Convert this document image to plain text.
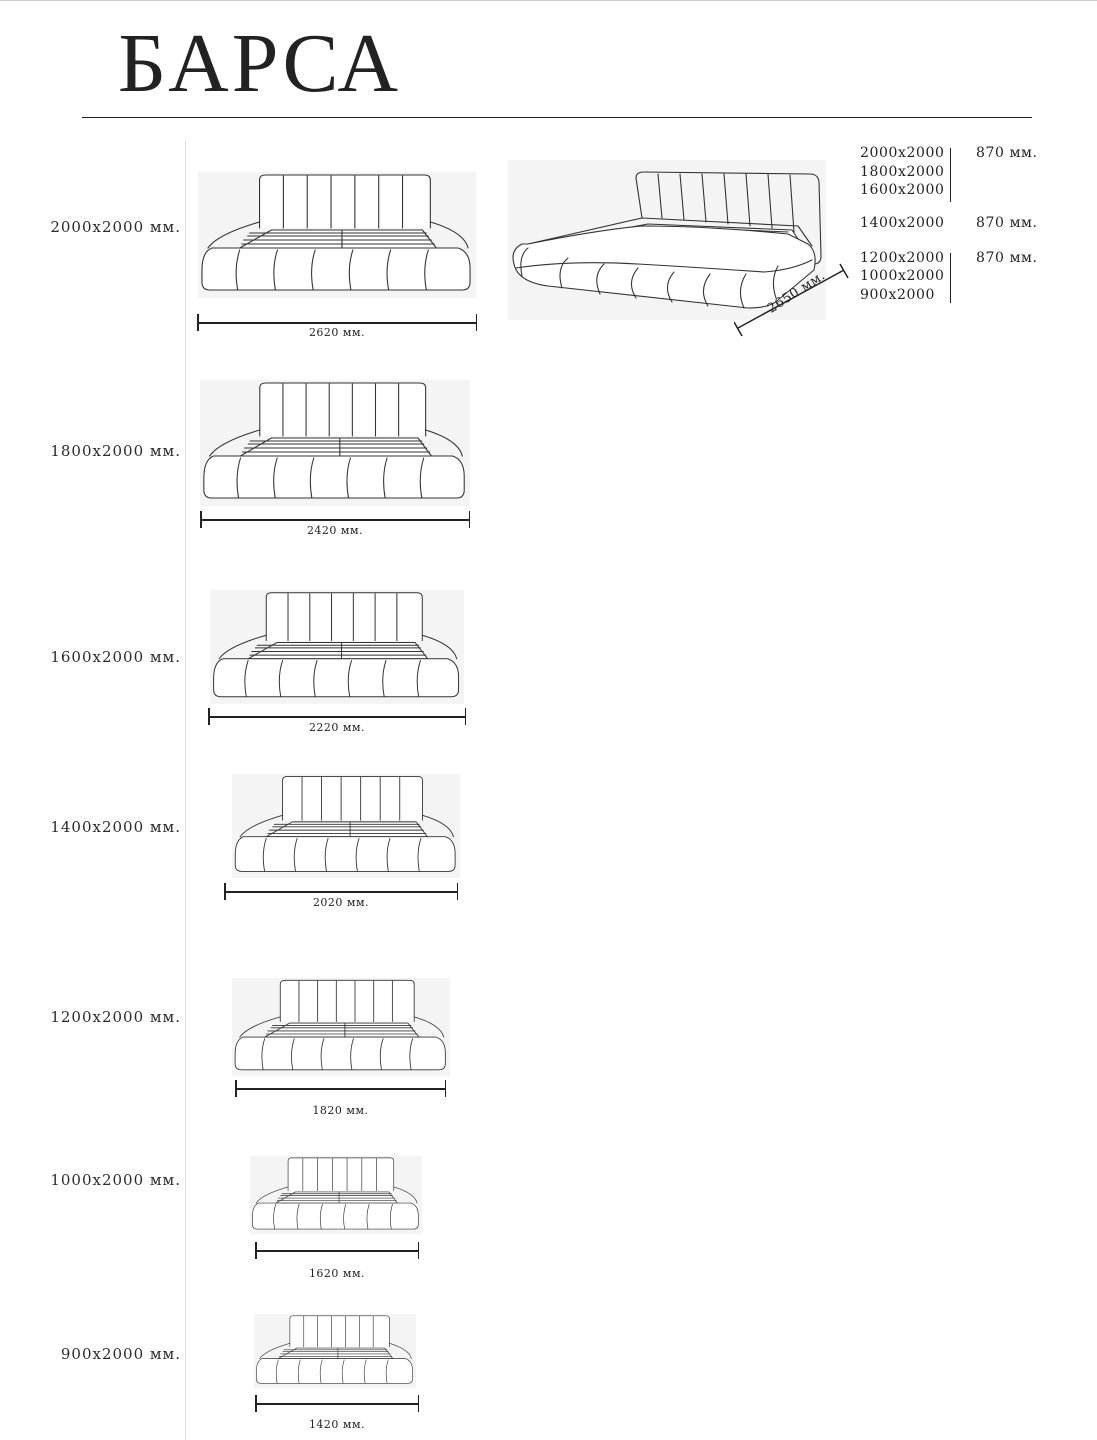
БАРСА
2000х2000 мм.
2620 мм.
1800х2000 мм.
2420 мм.
1600х2000 мм.
2220 мм.
1400х2000 мм.
2020 мм.
1200х2000 мм.
1820 мм.
1000х2000 мм.
1620 мм.
900х2000 мм.
1420 мм.
2650 мм.
2000х2000
1800х2000
1600х2000
870 мм.
1400х2000 870 мм.
1200х2000
1000х2000
900х2000
870 мм.
